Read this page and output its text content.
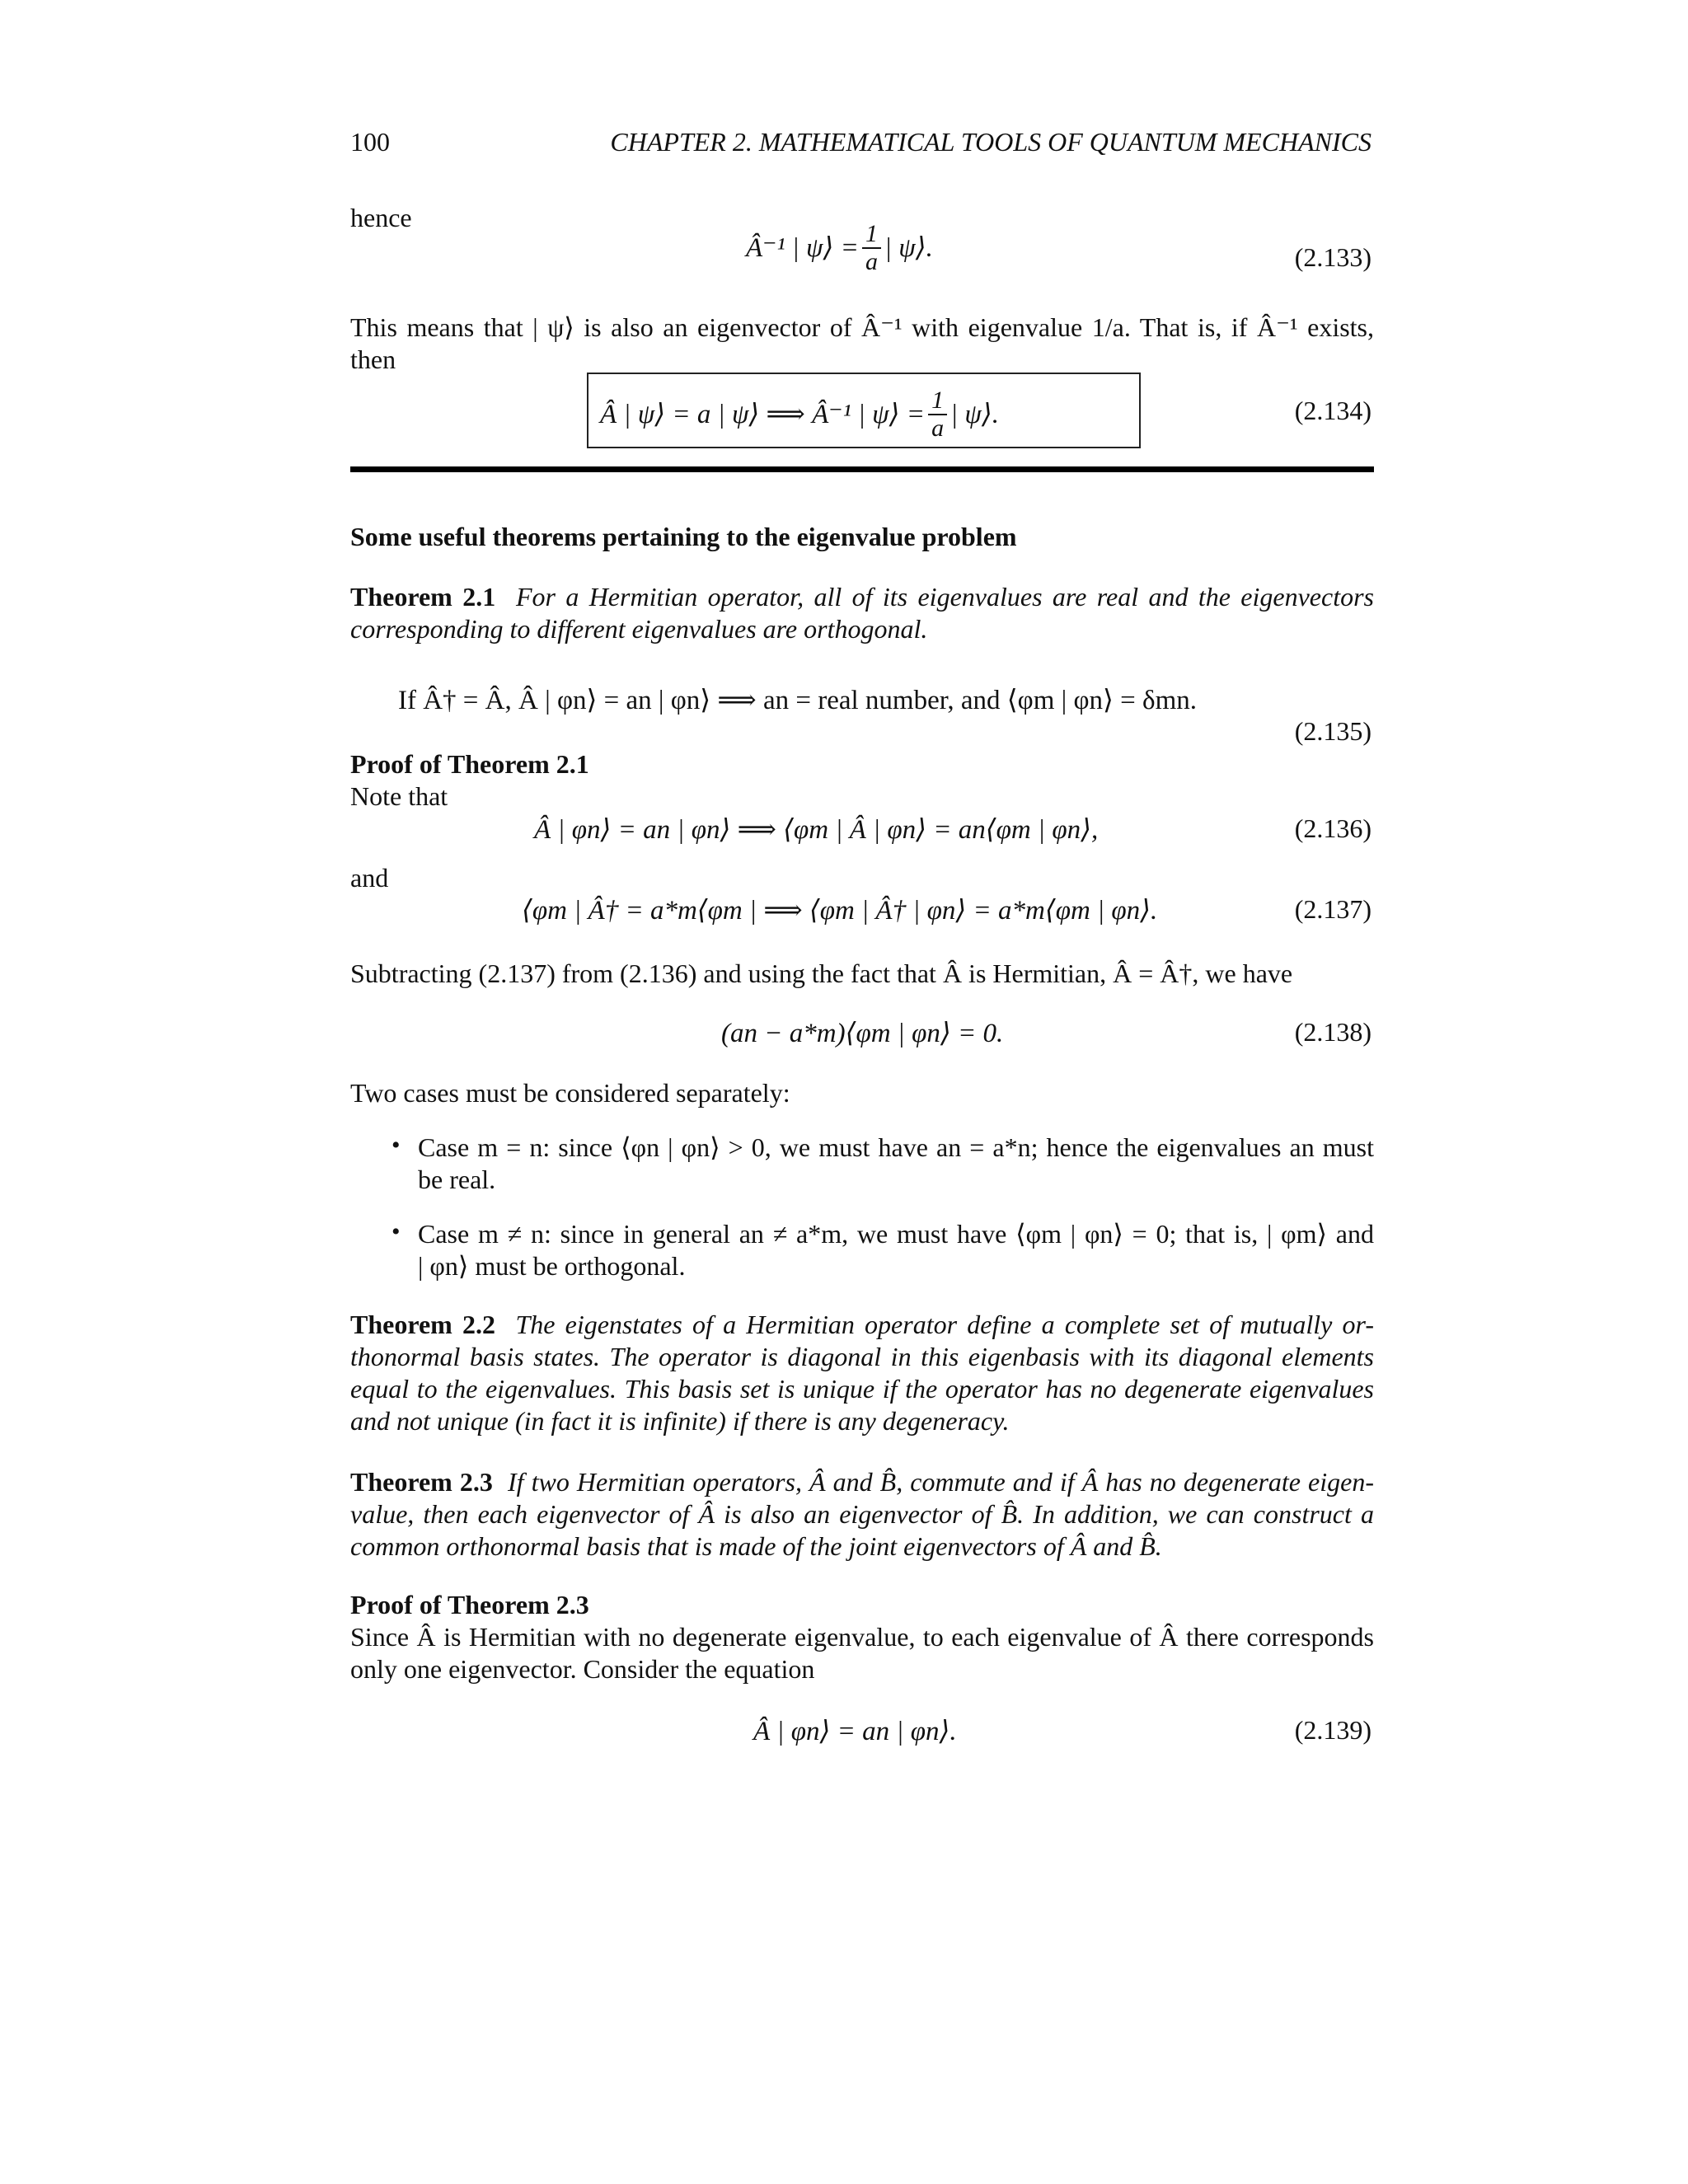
100	CHAPTER 2. MATHEMATICAL TOOLS OF QUANTUM MECHANICS
hence
Â⁻¹ | ψ⟩ = $\frac{1}{a}$ | ψ⟩.	(2.133)
This means that | ψ⟩ is also an eigenvector of Â⁻¹ with eigenvalue 1/a. That is, if Â⁻¹ exists,
then
Â | ψ⟩ = a | ψ⟩ ⟹ Â⁻¹ | ψ⟩ = $\frac{1}{a}$ | ψ⟩.	(2.134)
Some useful theorems pertaining to the eigenvalue problem
Theorem 2.1 For a Hermitian operator, all of its eigenvalues are real and the eigenvectors
corresponding to different eigenvalues are orthogonal.
If Â† = Â, Â | φn⟩ = an | φn⟩ ⟹ an = real number, and ⟨φm | φn⟩ = δmn.
(2.135)
Proof of Theorem 2.1
Note that
Â | φn⟩ = an | φn⟩ ⟹ ⟨φm | Â | φn⟩ = an⟨φm | φn⟩,	(2.136)
and
⟨φm | Â† = a*m⟨φm | ⟹ ⟨φm | Â† | φn⟩ = a*m⟨φm | φn⟩.	(2.137)
Subtracting (2.137) from (2.136) and using the fact that Â is Hermitian, Â = Â†, we have
(an − a*m)⟨φm | φn⟩ = 0.	(2.138)
Two cases must be considered separately:
• Case m = n: since ⟨φn | φn⟩ > 0, we must have an = a*n; hence the eigenvalues an must
be real.
• Case m ≠ n: since in general an ≠ a*m, we must have ⟨φm | φn⟩ = 0; that is, | φm⟩ and
| φn⟩ must be orthogonal.
Theorem 2.2 The eigenstates of a Hermitian operator define a complete set of mutually or-
thonormal basis states. The operator is diagonal in this eigenbasis with its diagonal elements
equal to the eigenvalues. This basis set is unique if the operator has no degenerate eigenvalues
and not unique (in fact it is infinite) if there is any degeneracy.
Theorem 2.3 If two Hermitian operators, Â and B̂, commute and if Â has no degenerate eigen-
value, then each eigenvector of Â is also an eigenvector of B̂. In addition, we can construct a
common orthonormal basis that is made of the joint eigenvectors of Â and B̂.
Proof of Theorem 2.3
Since Â is Hermitian with no degenerate eigenvalue, to each eigenvalue of Â there corresponds
only one eigenvector. Consider the equation
Â | φn⟩ = an | φn⟩.	(2.139)
